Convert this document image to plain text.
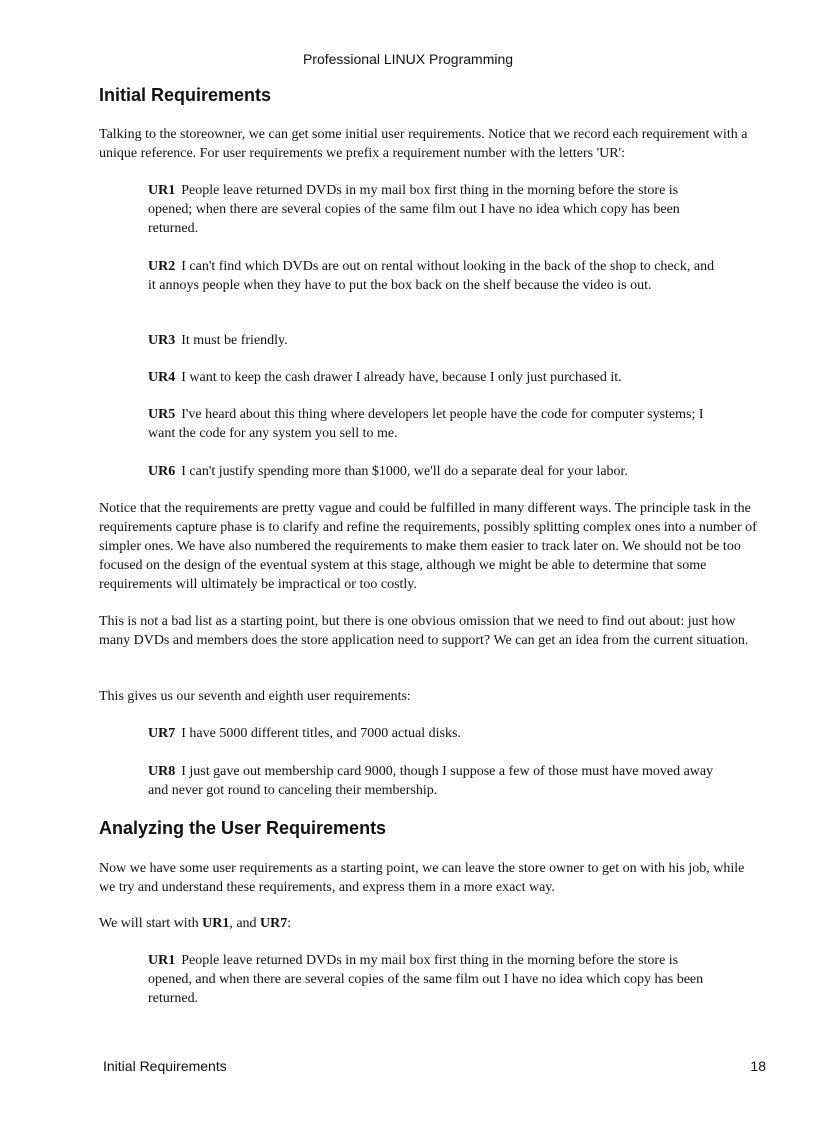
Professional LINUX Programming
Initial Requirements

Talking to the storeowner, we can get some initial user requirements. Notice that we record each requirement with a unique reference. For user requirements we prefix a requirement number with the letters 'UR':

UR1 People leave returned DVDs in my mail box first thing in the morning before the store is opened; when there are several copies of the same film out I have no idea which copy has been returned.

UR2 I can't find which DVDs are out on rental without looking in the back of the shop to check, and it annoys people when they have to put the box back on the shelf because the video is out.

UR3 It must be friendly.

UR4 I want to keep the cash drawer I already have, because I only just purchased it.

UR5 I've heard about this thing where developers let people have the code for computer systems; I want the code for any system you sell to me.

UR6 I can't justify spending more than $1000, we'll do a separate deal for your labor.

Notice that the requirements are pretty vague and could be fulfilled in many different ways. The principle task in the requirements capture phase is to clarify and refine the requirements, possibly splitting complex ones into a number of simpler ones. We have also numbered the requirements to make them easier to track later on. We should not be too focused on the design of the eventual system at this stage, although we might be able to determine that some requirements will ultimately be impractical or too costly.

This is not a bad list as a starting point, but there is one obvious omission that we need to find out about: just how many DVDs and members does the store application need to support? We can get an idea from the current situation.

This gives us our seventh and eighth user requirements:

UR7 I have 5000 different titles, and 7000 actual disks.

UR8 I just gave out membership card 9000, though I suppose a few of those must have moved away and never got round to canceling their membership.

Analyzing the User Requirements

Now we have some user requirements as a starting point, we can leave the store owner to get on with his job, while we try and understand these requirements, and express them in a more exact way.

We will start with UR1, and UR7:

UR1 People leave returned DVDs in my mail box first thing in the morning before the store is opened, and when there are several copies of the same film out I have no idea which copy has been returned.

Initial Requirements	18
